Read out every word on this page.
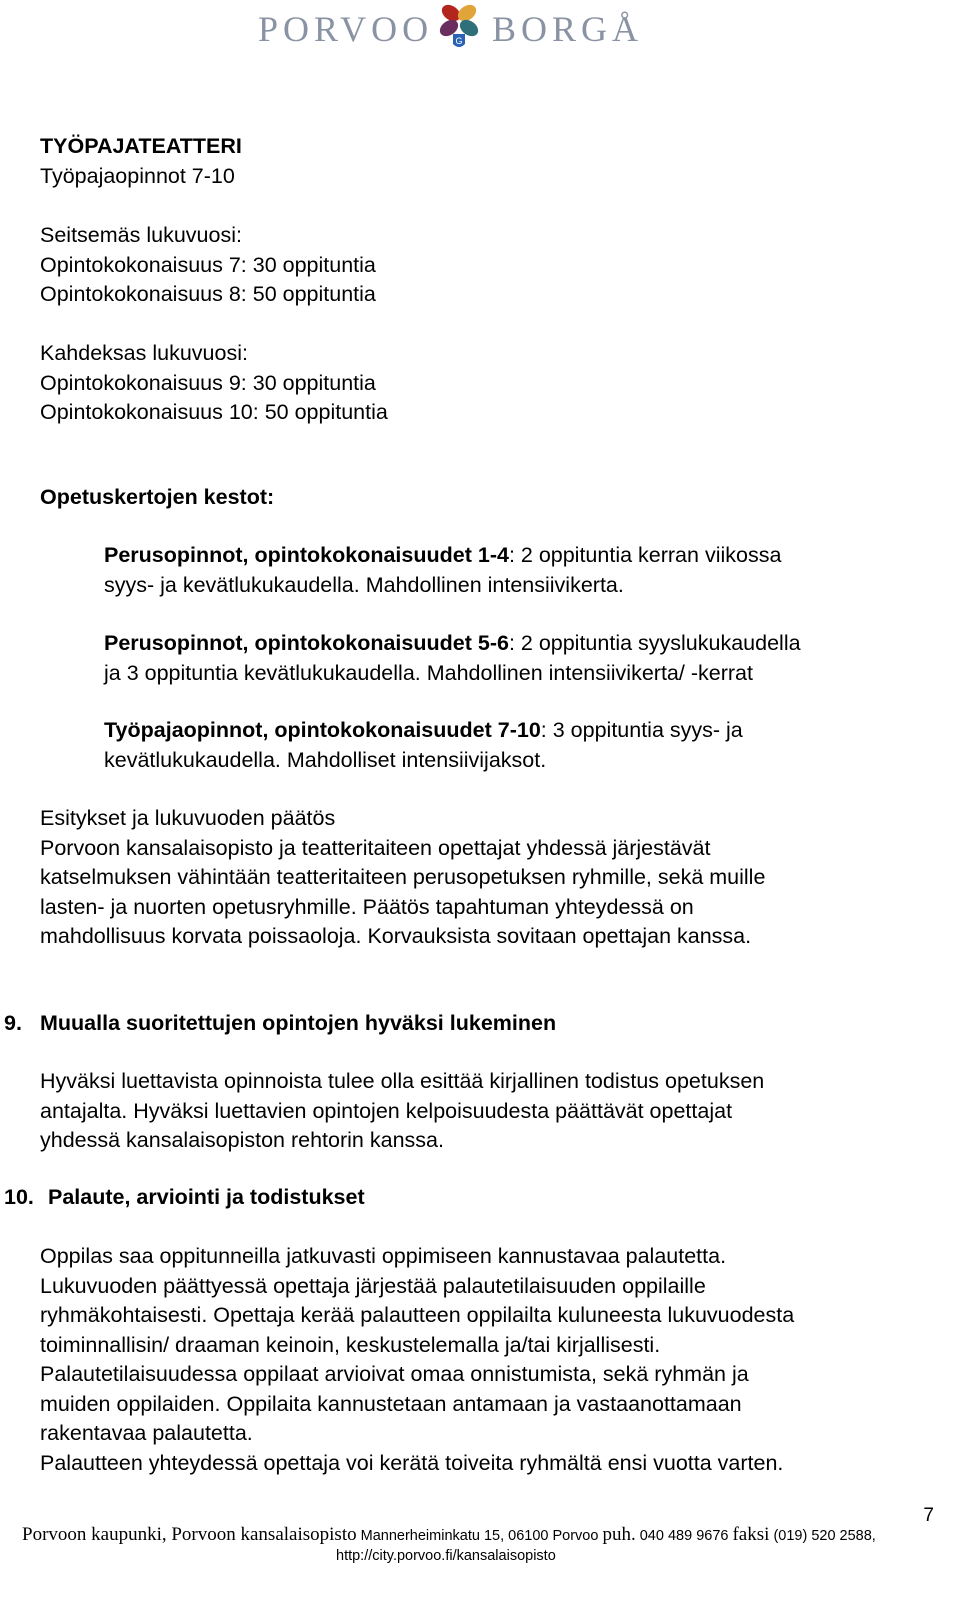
PORVOO G BORGÅ
TYÖPAJATEATTERI
Työpajaopinnot 7-10
Seitsemäs lukuvuosi:
Opintokokonaisuus 7: 30 oppituntia
Opintokokonaisuus 8: 50 oppituntia
Kahdeksas lukuvuosi:
Opintokokonaisuus 9: 30 oppituntia
Opintokokonaisuus 10: 50 oppituntia
Opetuskertojen kestot:
Perusopinnot, opintokokonaisuudet 1-4: 2 oppituntia kerran viikossa
syys- ja kevätlukukaudella. Mahdollinen intensiivikerta.
Perusopinnot, opintokokonaisuudet 5-6: 2 oppituntia syyslukukaudella
ja 3 oppituntia kevätlukukaudella. Mahdollinen intensiivikerta/ -kerrat
Työpajaopinnot, opintokokonaisuudet 7-10: 3 oppituntia syys- ja
kevätlukukaudella. Mahdolliset intensiivijaksot.
Esitykset ja lukuvuoden päätös
Porvoon kansalaisopisto ja teatteritaiteen opettajat yhdessä järjestävät
katselmuksen vähintään teatteritaiteen perusopetuksen ryhmille, sekä muille
lasten- ja nuorten opetusryhmille. Päätös tapahtuman yhteydessä on
mahdollisuus korvata poissaoloja. Korvauksista sovitaan opettajan kanssa.
9. Muualla suoritettujen opintojen hyväksi lukeminen
Hyväksi luettavista opinnoista tulee olla esittää kirjallinen todistus opetuksen
antajalta. Hyväksi luettavien opintojen kelpoisuudesta päättävät opettajat
yhdessä kansalaisopiston rehtorin kanssa.
10. Palaute, arviointi ja todistukset
Oppilas saa oppitunneilla jatkuvasti oppimiseen kannustavaa palautetta.
Lukuvuoden päättyessä opettaja järjestää palautetilaisuuden oppilaille
ryhmäkohtaisesti. Opettaja kerää palautteen oppilailta kuluneesta lukuvuodesta
toiminnallisin/ draaman keinoin, keskustelemalla ja/tai kirjallisesti.
Palautetilaisuudessa oppilaat arvioivat omaa onnistumista, sekä ryhmän ja
muiden oppilaiden. Oppilaita kannustetaan antamaan ja vastaanottamaan
rakentavaa palautetta.
Palautteen yhteydessä opettaja voi kerätä toiveita ryhmältä ensi vuotta varten.
7
Porvoon kaupunki, Porvoon kansalaisopisto Mannerheiminkatu 15, 06100 Porvoo puh. 040 489 9676 faksi (019) 520 2588,
http://city.porvoo.fi/kansalaisopisto
